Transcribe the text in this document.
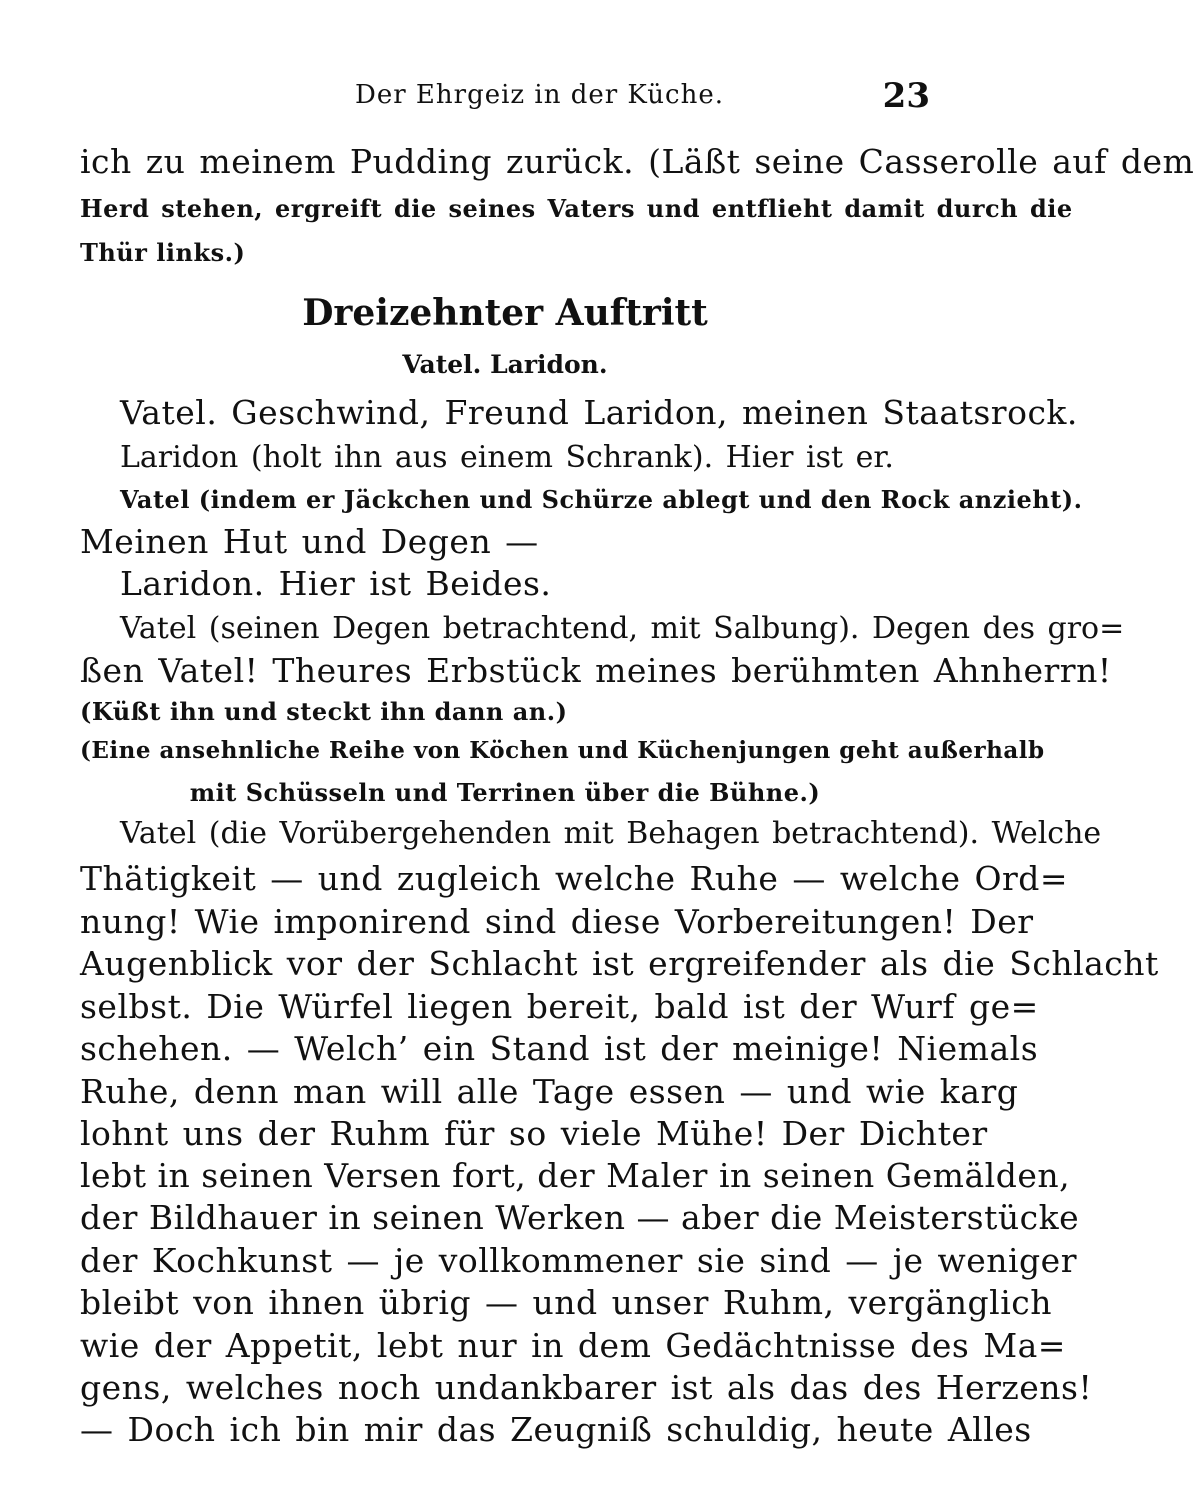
Der Ehrgeiz in der Küche.	23
ich zu meinem Pudding zurück. (Läßt seine Casserolle auf dem
Herd stehen, ergreift die seines Vaters und entflieht damit durch die
Thür links.)
Dreizehnter Auftritt
Vatel. Laridon.
Vatel. Geschwind, Freund Laridon, meinen Staatsrock.
Laridon (holt ihn aus einem Schrank). Hier ist er.
Vatel (indem er Jäckchen und Schürze ablegt und den Rock anzieht).
Meinen Hut und Degen —
Laridon. Hier ist Beides.
Vatel (seinen Degen betrachtend, mit Salbung). Degen des gro=
ßen Vatel! Theures Erbstück meines berühmten Ahnherrn!
(Küßt ihn und steckt ihn dann an.)
(Eine ansehnliche Reihe von Köchen und Küchenjungen geht außerhalb
mit Schüsseln und Terrinen über die Bühne.)
Vatel (die Vorübergehenden mit Behagen betrachtend). Welche
Thätigkeit — und zugleich welche Ruhe — welche Ord=
nung! Wie imponirend sind diese Vorbereitungen! Der
Augenblick vor der Schlacht ist ergreifender als die Schlacht
selbst. Die Würfel liegen bereit, bald ist der Wurf ge=
schehen. — Welch’ ein Stand ist der meinige! Niemals
Ruhe, denn man will alle Tage essen — und wie karg
lohnt uns der Ruhm für so viele Mühe! Der Dichter
lebt in seinen Versen fort, der Maler in seinen Gemälden,
der Bildhauer in seinen Werken — aber die Meisterstücke
der Kochkunst — je vollkommener sie sind — je weniger
bleibt von ihnen übrig — und unser Ruhm, vergänglich
wie der Appetit, lebt nur in dem Gedächtnisse des Ma=
gens, welches noch undankbarer ist als das des Herzens!
— Doch ich bin mir das Zeugniß schuldig, heute Alles
